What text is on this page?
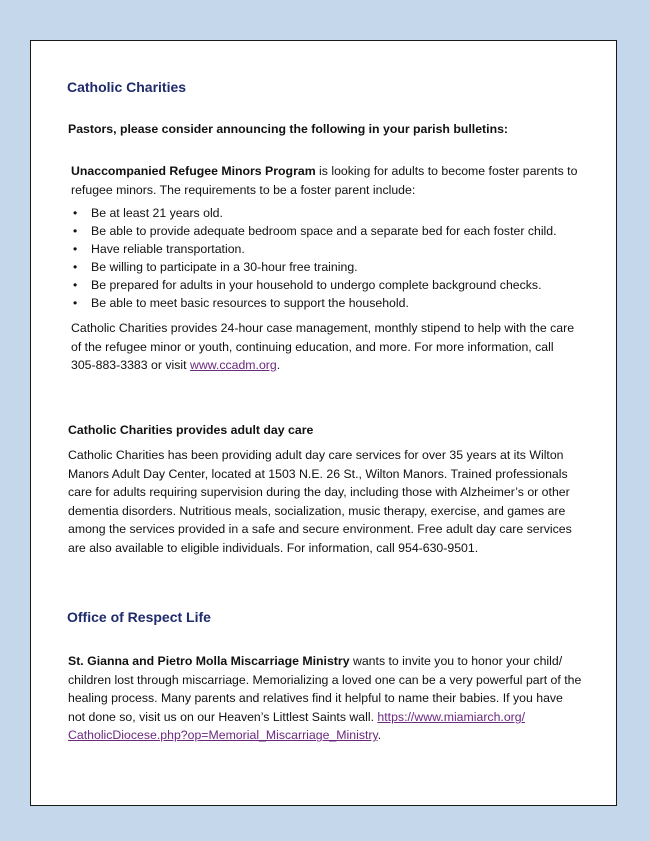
Catholic Charities
Pastors, please consider announcing the following in your parish bulletins:
Unaccompanied Refugee Minors Program is looking for adults to become foster parents to refugee minors. The requirements to be a foster parent include:
• Be at least 21 years old.
• Be able to provide adequate bedroom space and a separate bed for each foster child.
• Have reliable transportation.
• Be willing to participate in a 30-hour free training.
• Be prepared for adults in your household to undergo complete background checks.
• Be able to meet basic resources to support the household.
Catholic Charities provides 24-hour case management, monthly stipend to help with the care of the refugee minor or youth, continuing education, and more. For more information, call 305-883-3383 or visit www.ccadm.org.
Catholic Charities provides adult day care
Catholic Charities has been providing adult day care services for over 35 years at its Wilton Manors Adult Day Center, located at 1503 N.E. 26 St., Wilton Manors. Trained professionals care for adults requiring supervision during the day, including those with Alzheimer’s or other dementia disorders. Nutritious meals, socialization, music therapy, exercise, and games are among the services provided in a safe and secure environment. Free adult day care services are also available to eligible individuals. For information, call 954-630-9501.
Office of Respect Life
St. Gianna and Pietro Molla Miscarriage Ministry wants to invite you to honor your child/ children lost through miscarriage. Memorializing a loved one can be a very powerful part of the healing process. Many parents and relatives find it helpful to name their babies. If you have not done so, visit us on our Heaven’s Littlest Saints wall. https://www.miamiarch.org/ CatholicDiocese.php?op=Memorial_Miscarriage_Ministry.
